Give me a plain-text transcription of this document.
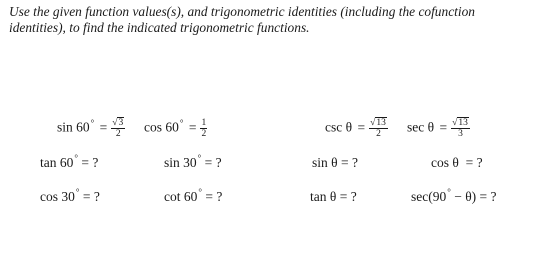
Use the given function values(s), and trigonometric identities (including the cofunction identities), to find the indicated trigonometric functions.
$\sin 60^\circ = \frac{√3}{2}$ $\cos 60^\circ = \frac{1}{2}$	$\csc \theta = \frac{√13}{2}$ $\sec \theta = \frac{√13}{3}$
tan 60° = ?	sin 30° = ?	sin θ = ?	cos θ  = ?
cos 30° = ?	cot 60° = ?	tan θ = ?	sec(90° − θ) = ?
